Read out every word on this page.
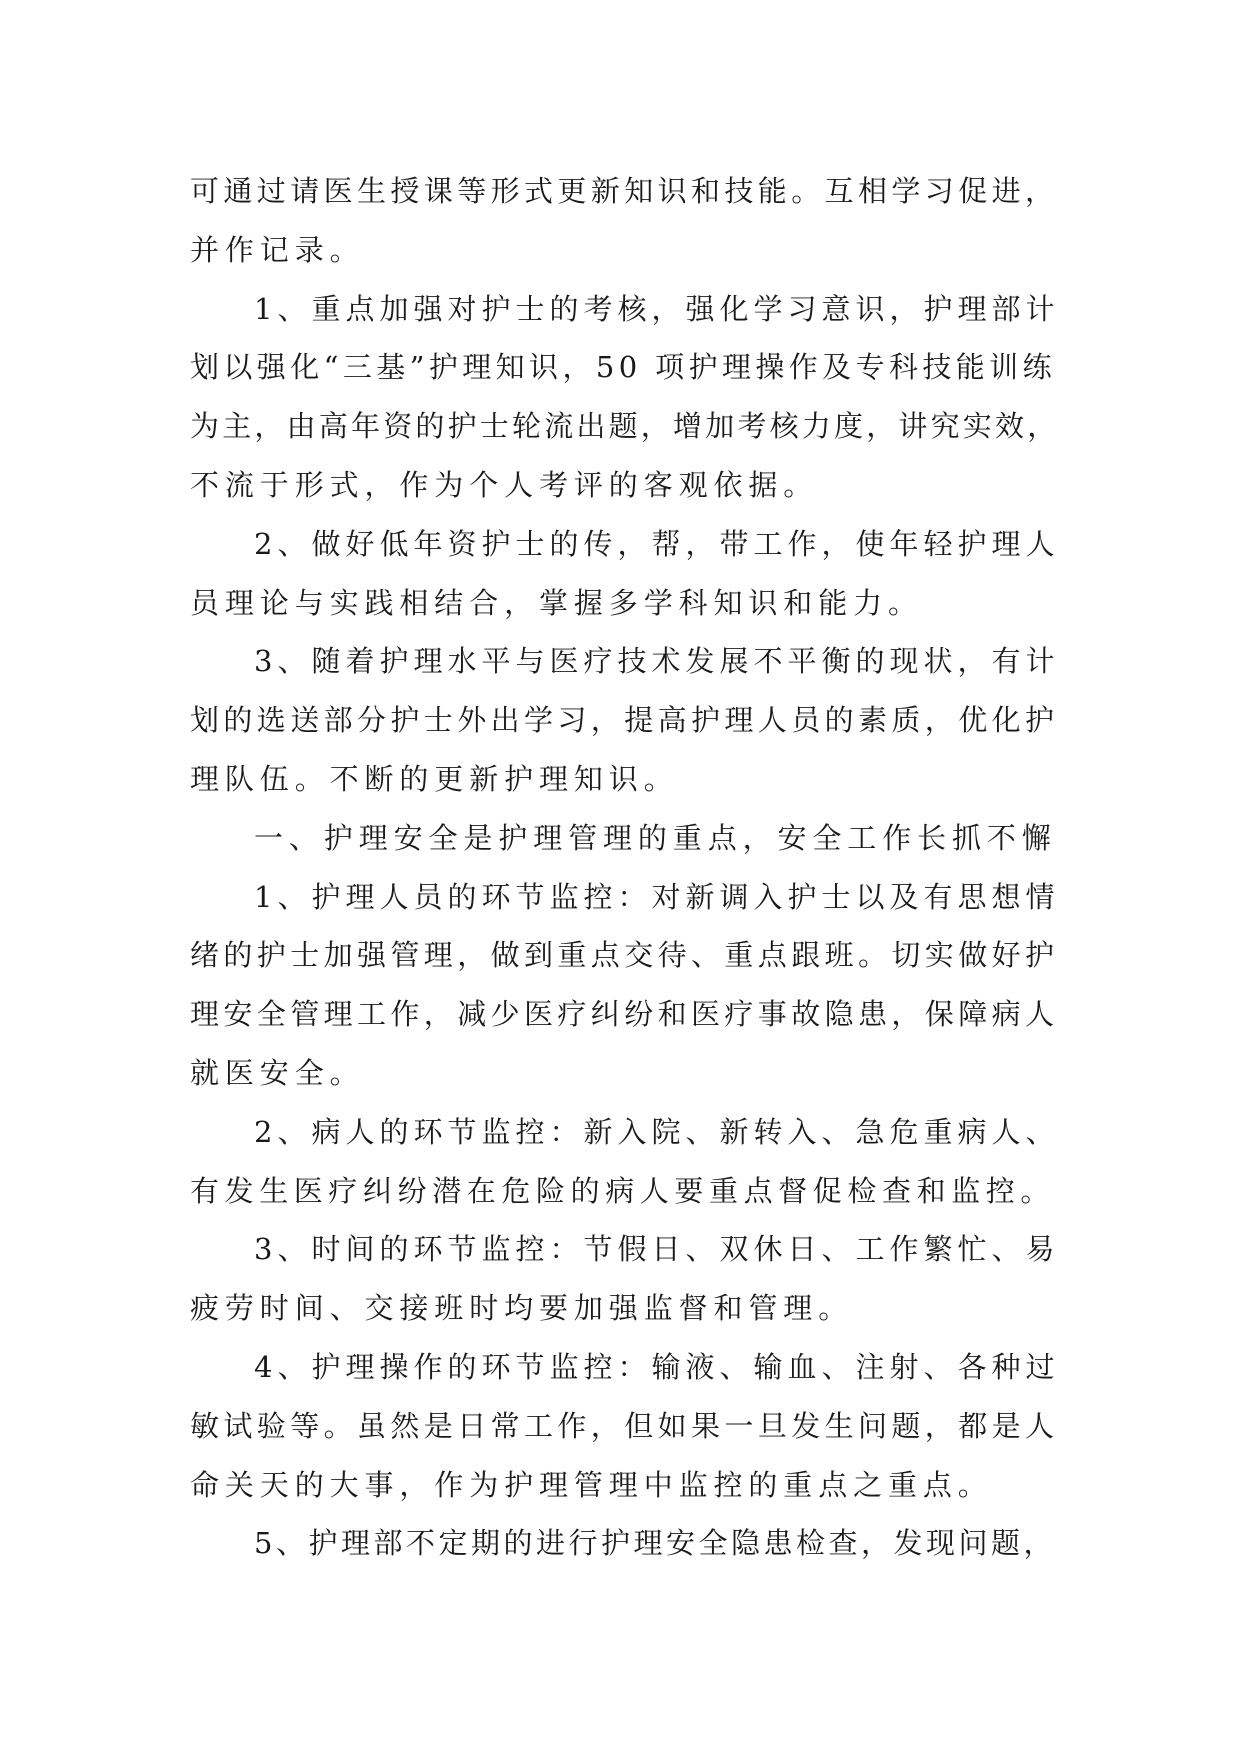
可通过请医生授课等形式更新知识和技能。互相学习促进，
并作记录。
1、重点加强对护士的考核，强化学习意识，护理部计
划以强化“三基”护理知识，50 项护理操作及专科技能训练
为主，由高年资的护士轮流出题，增加考核力度，讲究实效，
不流于形式，作为个人考评的客观依据。
2、做好低年资护士的传，帮，带工作，使年轻护理人
员理论与实践相结合，掌握多学科知识和能力。
3、随着护理水平与医疗技术发展不平衡的现状，有计
划的选送部分护士外出学习，提高护理人员的素质，优化护
理队伍。不断的更新护理知识。
一、护理安全是护理管理的重点，安全工作长抓不懈
1、护理人员的环节监控：对新调入护士以及有思想情
绪的护士加强管理，做到重点交待、重点跟班。切实做好护
理安全管理工作，减少医疗纠纷和医疗事故隐患，保障病人
就医安全。
2、病人的环节监控：新入院、新转入、急危重病人、
有发生医疗纠纷潜在危险的病人要重点督促检查和监控。
3、时间的环节监控：节假日、双休日、工作繁忙、易
疲劳时间、交接班时均要加强监督和管理。
4、护理操作的环节监控：输液、输血、注射、各种过
敏试验等。虽然是日常工作，但如果一旦发生问题，都是人
命关天的大事，作为护理管理中监控的重点之重点。
5、护理部不定期的进行护理安全隐患检查，发现问题，
